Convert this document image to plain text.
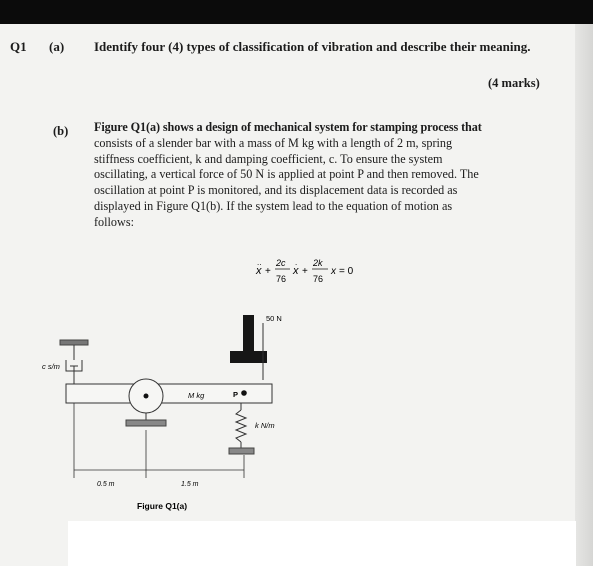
Q1 (a) Identify four (4) types of classification of vibration and describe their meaning.
(4 marks)
(b) Figure Q1(a) shows a design of mechanical system for stamping process that
consists of a slender bar with a mass of M kg with a length of 2 m, spring
stiffness coefficient, k and damping coefficient, c. To ensure the system
oscillating, a vertical force of 50 N is applied at point P and then removed. The
oscillation at point P is monitored, and its displacement data is recorded as
displayed in Figure Q1(b). If the system lead to the equation of motion as
follows:
x
..
+
2c
76
x
.
+
2k
76
x = 0
50 N
c s/m
M kg	P
k N/m
0.5 m	1.5 m
Figure Q1(a)
